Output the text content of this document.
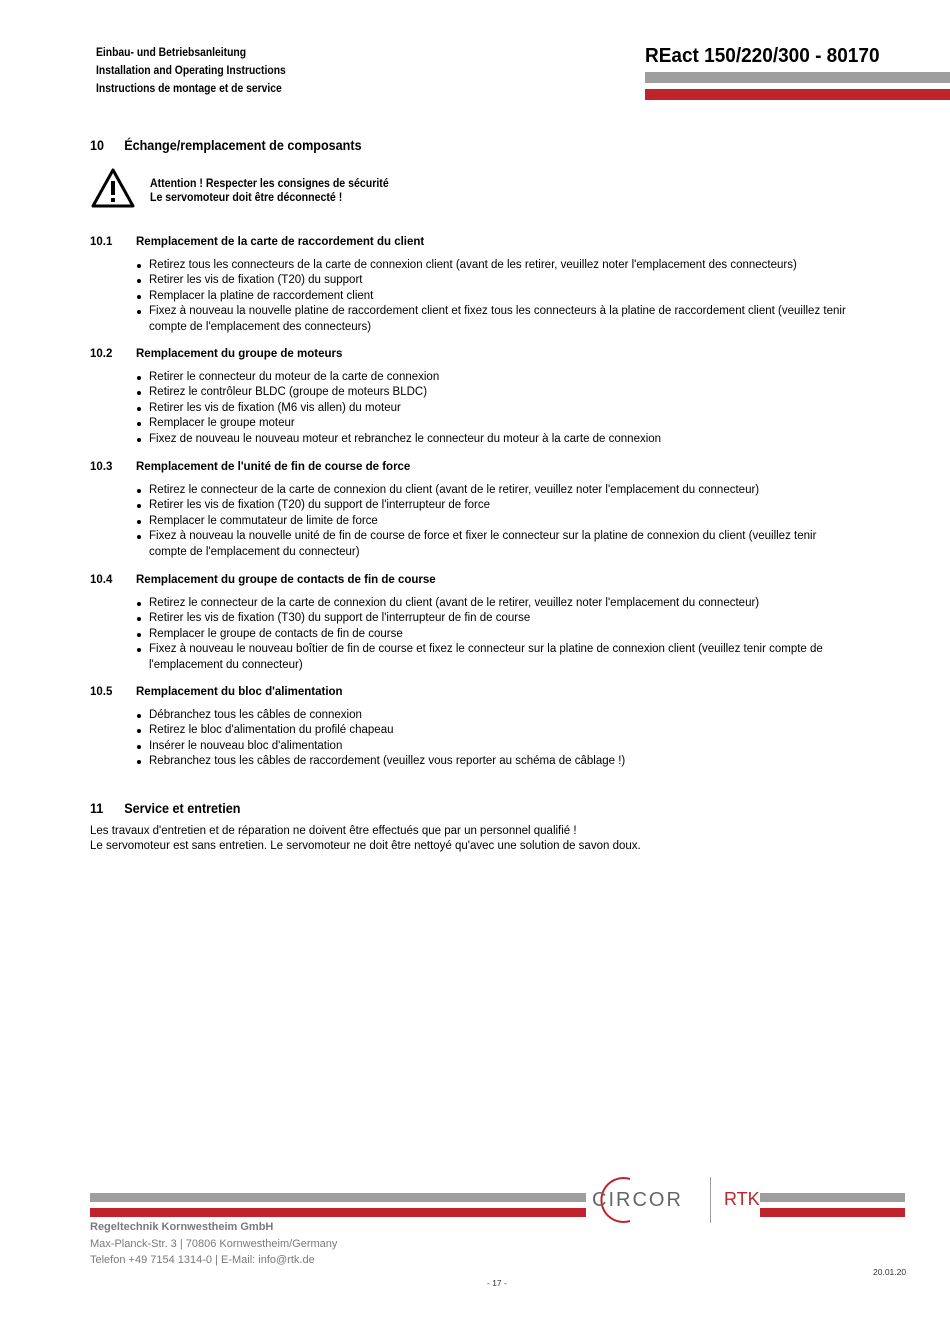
Einbau- und Betriebsanleitung
Installation and Operating Instructions
Instructions de montage et de service
REact 150/220/300 - 80170
10 Échange/remplacement de composants
Attention ! Respecter les consignes de sécurité
Le servomoteur doit être déconnecté !
10.1 Remplacement de la carte de raccordement du client
Retirez tous les connecteurs de la carte de connexion client (avant de les retirer, veuillez noter l'emplacement des connecteurs)
Retirer les vis de fixation (T20) du support
Remplacer la platine de raccordement client
Fixez à nouveau la nouvelle platine de raccordement client et fixez tous les connecteurs à la platine de raccordement client (veuillez tenir compte de l'emplacement des connecteurs)
10.2 Remplacement du groupe de moteurs
Retirer le connecteur du moteur de la carte de connexion
Retirez le contrôleur BLDC (groupe de moteurs BLDC)
Retirer les vis de fixation (M6 vis allen) du moteur
Remplacer le groupe moteur
Fixez de nouveau le nouveau moteur et rebranchez le connecteur du moteur à la carte de connexion
10.3 Remplacement de l'unité de fin de course de force
Retirez le connecteur de la carte de connexion du client (avant de le retirer, veuillez noter l'emplacement du connecteur)
Retirer les vis de fixation (T20) du support de l'interrupteur de force
Remplacer le commutateur de limite de force
Fixez à nouveau la nouvelle unité de fin de course de force et fixer le connecteur sur la platine de connexion du client (veuillez tenir compte de l'emplacement du connecteur)
10.4 Remplacement du groupe de contacts de fin de course
Retirez le connecteur de la carte de connexion du client (avant de le retirer, veuillez noter l'emplacement du connecteur)
Retirer les vis de fixation (T30) du support de l'interrupteur de fin de course
Remplacer le groupe de contacts de fin de course
Fixez à nouveau le nouveau boîtier de fin de course et fixez le connecteur sur la platine de connexion client (veuillez tenir compte de l'emplacement du connecteur)
10.5 Remplacement du bloc d'alimentation
Débranchez tous les câbles de connexion
Retirez le bloc d'alimentation du profilé chapeau
Insérer le nouveau bloc d'alimentation
Rebranchez tous les câbles de raccordement (veuillez vous reporter au schéma de câblage !)
11 Service et entretien
Les travaux d'entretien et de réparation ne doivent être effectués que par un personnel qualifié !
Le servomoteur est sans entretien. Le servomoteur ne doit être nettoyé qu'avec une solution de savon doux.
CIRCOR RTK
Regeltechnik Kornwestheim GmbH
Max-Planck-Str. 3 | 70806 Kornwestheim/Germany
Telefon +49 7154 1314-0 | E-Mail: info@rtk.de
20.01.20
- 17 -
